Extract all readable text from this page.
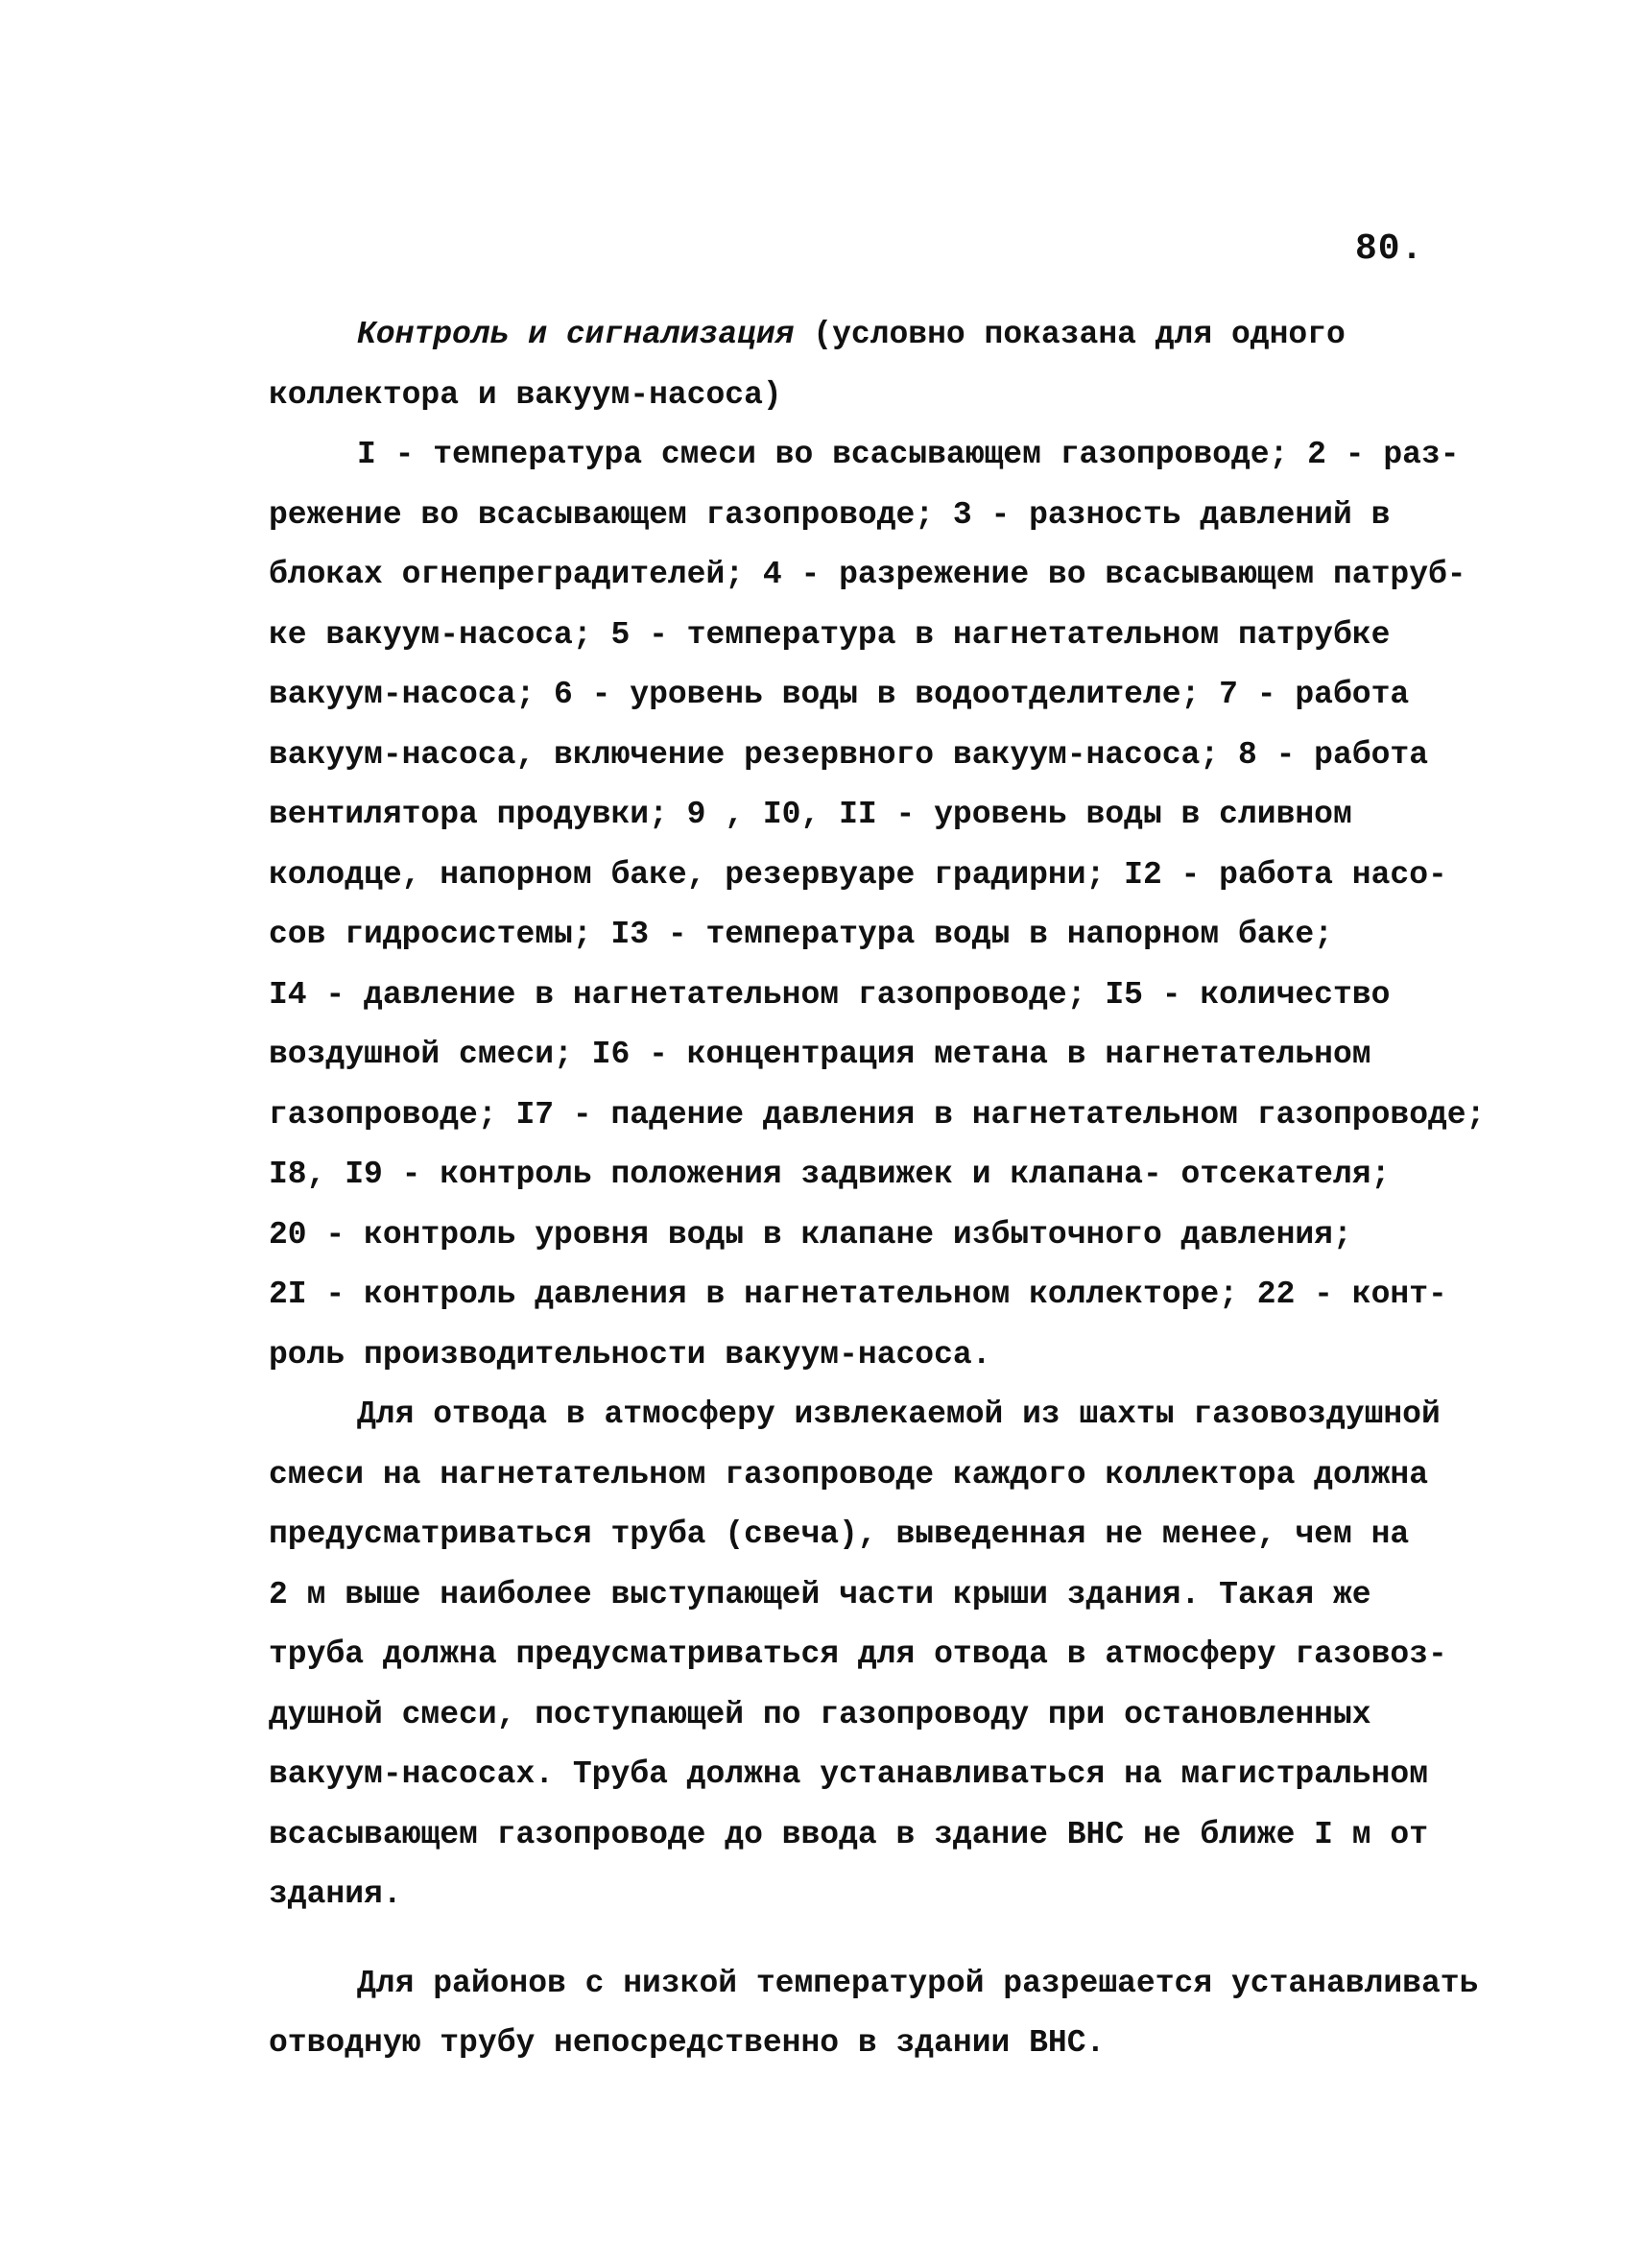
80.
Контроль и сигнализация (условно показана для одного
коллектора и вакуум-насоса)
I - температура смеси во всасывающем газопроводе; 2 - раз-
режение во всасывающем газопроводе; 3 - разность давлений в
блоках огнепреградителей; 4 - разрежение во всасывающем патруб-
ке вакуум-насоса; 5 - температура в нагнетательном патрубке
вакуум-насоса; 6 - уровень воды в водоотделителе; 7 - работа
вакуум-насоса, включение резервного вакуум-насоса; 8 - работа
вентилятора продувки; 9 , I0, II - уровень воды в сливном
колодце, напорном баке, резервуаре градирни; I2 - работа насо-
сов гидросистемы; I3 - температура воды в напорном баке;
I4 - давление в нагнетательном газопроводе; I5 - количество
воздушной смеси; I6 - концентрация метана в нагнетательном
газопроводе; I7 - падение давления в нагнетательном газопроводе;
I8, I9 - контроль положения задвижек и клапана- отсекателя;
20 - контроль уровня воды в клапане избыточного давления;
2I - контроль давления в нагнетательном коллекторе; 22 - конт-
роль производительности вакуум-насоса.
Для отвода в атмосферу извлекаемой из шахты газовоздушной
смеси на нагнетательном газопроводе каждого коллектора должна
предусматриваться труба (свеча), выведенная не менее, чем на
2 м выше наиболее выступающей части крыши здания. Такая же
труба должна предусматриваться для отвода в атмосферу газовоз-
душной смеси, поступающей по газопроводу при остановленных
вакуум-насосах. Труба должна устанавливаться на магистральном
всасывающем газопроводе до ввода в здание ВНС не ближе I м от
здания.
Для районов с низкой температурой разрешается устанавливать
отводную трубу непосредственно в здании ВНС.
